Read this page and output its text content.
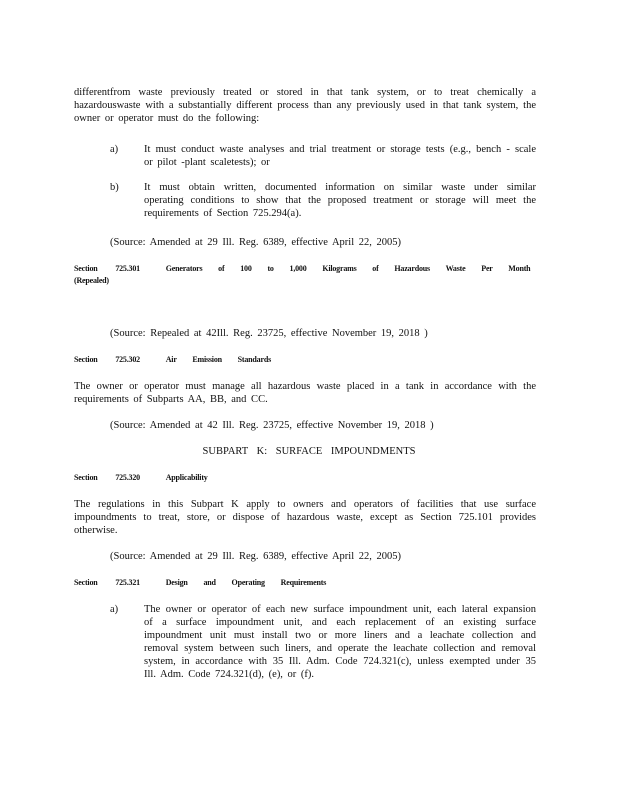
differentfrom waste previously treated or stored in that tank system, or to treat chemically a hazardouswaste with a substantially different process than any previously used in that tank system, the owner or operator must do the following:
a) It must conduct waste analyses and trial treatment or storage tests (e.g., bench - scale or pilot -plant scaletests); or
b) It must obtain written, documented information on similar waste under similar operating conditions to show that the proposed treatment or storage will meet the requirements of Section 725.294(a).
(Source: Amended at 29 Ill. Reg. 6389, effective April 22, 2005)
Section 725.301	Generators of 100 to 1,000 Kilograms of Hazardous Waste Per Month
(Repealed)
(Source: Repealed at 42Ill. Reg. 23725, effective November 19, 2018 )
Section 725.302	Air Emission Standards
The owner or operator must manage all hazardous waste placed in a tank in accordance with the requirements of Subparts AA, BB, and CC.
(Source: Amended at 42 Ill. Reg. 23725, effective November 19, 2018 )
SUBPART K: SURFACE IMPOUNDMENTS
Section 725.320	Applicability
The regulations in this Subpart K apply to owners and operators of facilities that use surface impoundments to treat, store, or dispose of hazardous waste, except as Section 725.101 provides otherwise.
(Source: Amended at 29 Ill. Reg. 6389, effective April 22, 2005)
Section 725.321	Design and Operating Requirements
a) The owner or operator of each new surface impoundment unit, each lateral expansion of a surface impoundment unit, and each replacement of an existing surface impoundment unit must install two or more liners and a leachate collection and removal system between such liners, and operate the leachate collection and removal system, in accordance with 35 Ill. Adm. Code 724.321(c), unless exempted under 35 Ill. Adm. Code 724.321(d), (e), or (f).
